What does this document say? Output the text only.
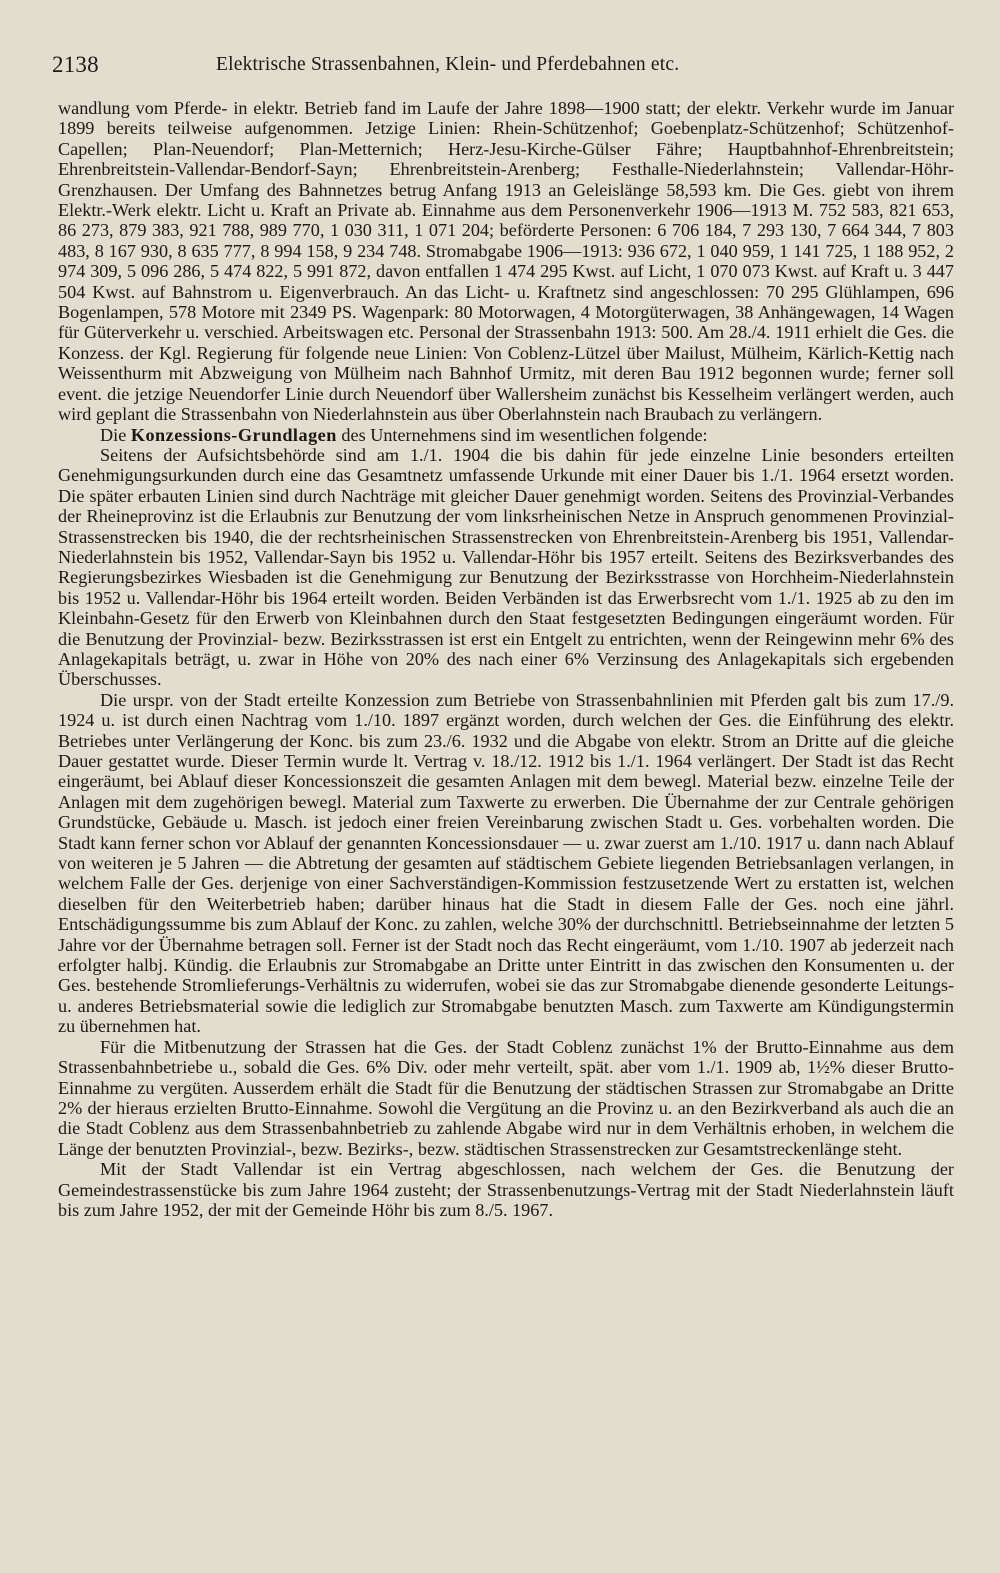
2138	Elektrische Strassenbahnen, Klein- und Pferdebahnen etc.

wandlung vom Pferde- in elektr. Betrieb fand im Laufe der Jahre 1898—1900 statt; der elektr. Verkehr wurde im Januar 1899 bereits teilweise aufgenommen. Jetzige Linien: Rhein-Schützenhof; Goebenplatz-Schützenhof; Schützenhof-Capellen; Plan-Neuendorf; Plan-Metternich; Herz-Jesu-Kirche-Gülser Fähre; Hauptbahnhof-Ehrenbreitstein; Ehrenbreitstein-Vallendar-Bendorf-Sayn; Ehrenbreitstein-Arenberg; Festhalle-Niederlahnstein; Vallendar-Höhr-Grenzhausen. Der Umfang des Bahnnetzes betrug Anfang 1913 an Geleislänge 58,593 km. Die Ges. giebt von ihrem Elektr.-Werk elektr. Licht u. Kraft an Private ab. Einnahme aus dem Personenverkehr 1906—1913 M. 752 583, 821 653, 86 273, 879 383, 921 788, 989 770, 1 030 311, 1 071 204; beförderte Personen: 6 706 184, 7 293 130, 7 664 344, 7 803 483, 8 167 930, 8 635 777, 8 994 158, 9 234 748. Stromabgabe 1906—1913: 936 672, 1 040 959, 1 141 725, 1 188 952, 2 974 309, 5 096 286, 5 474 822, 5 991 872, davon entfallen 1 474 295 Kwst. auf Licht, 1 070 073 Kwst. auf Kraft u. 3 447 504 Kwst. auf Bahnstrom u. Eigenverbrauch. An das Licht- u. Kraftnetz sind angeschlossen: 70 295 Glühlampen, 696 Bogenlampen, 578 Motore mit 2349 PS. Wagenpark: 80 Motorwagen, 4 Motorgüterwagen, 38 Anhängewagen, 14 Wagen für Güterverkehr u. verschied. Arbeitswagen etc. Personal der Strassenbahn 1913: 500. Am 28./4. 1911 erhielt die Ges. die Konzess. der Kgl. Regierung für folgende neue Linien: Von Coblenz-Lützel über Mailust, Mülheim, Kärlich-Kettig nach Weissenthurm mit Abzweigung von Mülheim nach Bahnhof Urmitz, mit deren Bau 1912 begonnen wurde; ferner soll event. die jetzige Neuendorfer Linie durch Neuendorf über Wallersheim zunächst bis Kesselheim verlängert werden, auch wird geplant die Strassenbahn von Niederlahnstein aus über Oberlahnstein nach Braubach zu verlängern.

Die Konzessions-Grundlagen des Unternehmens sind im wesentlichen folgende:

Seitens der Aufsichtsbehörde sind am 1./1. 1904 die bis dahin für jede einzelne Linie besonders erteilten Genehmigungsurkunden durch eine das Gesamtnetz umfassende Urkunde mit einer Dauer bis 1./1. 1964 ersetzt worden. Die später erbauten Linien sind durch Nachträge mit gleicher Dauer genehmigt worden. Seitens des Provinzial-Verbandes der Rheineprovinz ist die Erlaubnis zur Benutzung der vom linksrheinischen Netze in Anspruch genommenen Provinzial-Strassenstrecken bis 1940, die der rechtsrheinischen Strassenstrecken von Ehrenbreitstein-Arenberg bis 1951, Vallendar-Niederlahnstein bis 1952, Vallendar-Sayn bis 1952 u. Vallendar-Höhr bis 1957 erteilt. Seitens des Bezirksverbandes des Regierungsbezirkes Wiesbaden ist die Genehmigung zur Benutzung der Bezirksstrasse von Horchheim-Niederlahnstein bis 1952 u. Vallendar-Höhr bis 1964 erteilt worden. Beiden Verbänden ist das Erwerbsrecht vom 1./1. 1925 ab zu den im Kleinbahn-Gesetz für den Erwerb von Kleinbahnen durch den Staat festgesetzten Bedingungen eingeräumt worden. Für die Benutzung der Provinzial- bezw. Bezirksstrassen ist erst ein Entgelt zu entrichten, wenn der Reingewinn mehr 6% des Anlagekapitals beträgt, u. zwar in Höhe von 20% des nach einer 6% Verzinsung des Anlagekapitals sich ergebenden Überschusses.

Die urspr. von der Stadt erteilte Konzession zum Betriebe von Strassenbahnlinien mit Pferden galt bis zum 17./9. 1924 u. ist durch einen Nachtrag vom 1./10. 1897 ergänzt worden, durch welchen der Ges. die Einführung des elektr. Betriebes unter Verlängerung der Konc. bis zum 23./6. 1932 und die Abgabe von elektr. Strom an Dritte auf die gleiche Dauer gestattet wurde. Dieser Termin wurde lt. Vertrag v. 18./12. 1912 bis 1./1. 1964 verlängert. Der Stadt ist das Recht eingeräumt, bei Ablauf dieser Koncessionszeit die gesamten Anlagen mit dem bewegl. Material bezw. einzelne Teile der Anlagen mit dem zugehörigen bewegl. Material zum Taxwerte zu erwerben. Die Übernahme der zur Centrale gehörigen Grundstücke, Gebäude u. Masch. ist jedoch einer freien Vereinbarung zwischen Stadt u. Ges. vorbehalten worden. Die Stadt kann ferner schon vor Ablauf der genannten Koncessionsdauer — u. zwar zuerst am 1./10. 1917 u. dann nach Ablauf von weiteren je 5 Jahren — die Abtretung der gesamten auf städtischem Gebiete liegenden Betriebsanlagen verlangen, in welchem Falle der Ges. derjenige von einer Sachverständigen-Kommission festzusetzende Wert zu erstatten ist, welchen dieselben für den Weiterbetrieb haben; darüber hinaus hat die Stadt in diesem Falle der Ges. noch eine jährl. Entschädigungssumme bis zum Ablauf der Konc. zu zahlen, welche 30% der durchschnittl. Betriebseinnahme der letzten 5 Jahre vor der Übernahme betragen soll. Ferner ist der Stadt noch das Recht eingeräumt, vom 1./10. 1907 ab jederzeit nach erfolgter halbj. Kündig. die Erlaubnis zur Stromabgabe an Dritte unter Eintritt in das zwischen den Konsumenten u. der Ges. bestehende Stromlieferungs-Verhältnis zu widerrufen, wobei sie das zur Stromabgabe dienende gesonderte Leitungs- u. anderes Betriebsmaterial sowie die lediglich zur Stromabgabe benutzten Masch. zum Taxwerte am Kündigungstermin zu übernehmen hat.

Für die Mitbenutzung der Strassen hat die Ges. der Stadt Coblenz zunächst 1% der Brutto-Einnahme aus dem Strassenbahnbetriebe u., sobald die Ges. 6% Div. oder mehr verteilt, spät. aber vom 1./1. 1909 ab, 1½% dieser Brutto-Einnahme zu vergüten. Ausserdem erhält die Stadt für die Benutzung der städtischen Strassen zur Stromabgabe an Dritte 2% der hieraus erzielten Brutto-Einnahme. Sowohl die Vergütung an die Provinz u. an den Bezirkverband als auch die an die Stadt Coblenz aus dem Strassenbahnbetrieb zu zahlende Abgabe wird nur in dem Verhältnis erhoben, in welchem die Länge der benutzten Provinzial-, bezw. Bezirks-, bezw. städtischen Strassenstrecken zur Gesamtstreckenlänge steht.

Mit der Stadt Vallendar ist ein Vertrag abgeschlossen, nach welchem der Ges. die Benutzung der Gemeindestrassenstücke bis zum Jahre 1964 zusteht; der Strassenbenutzungs-Vertrag mit der Stadt Niederlahnstein läuft bis zum Jahre 1952, der mit der Gemeinde Höhr bis zum 8./5. 1967.
